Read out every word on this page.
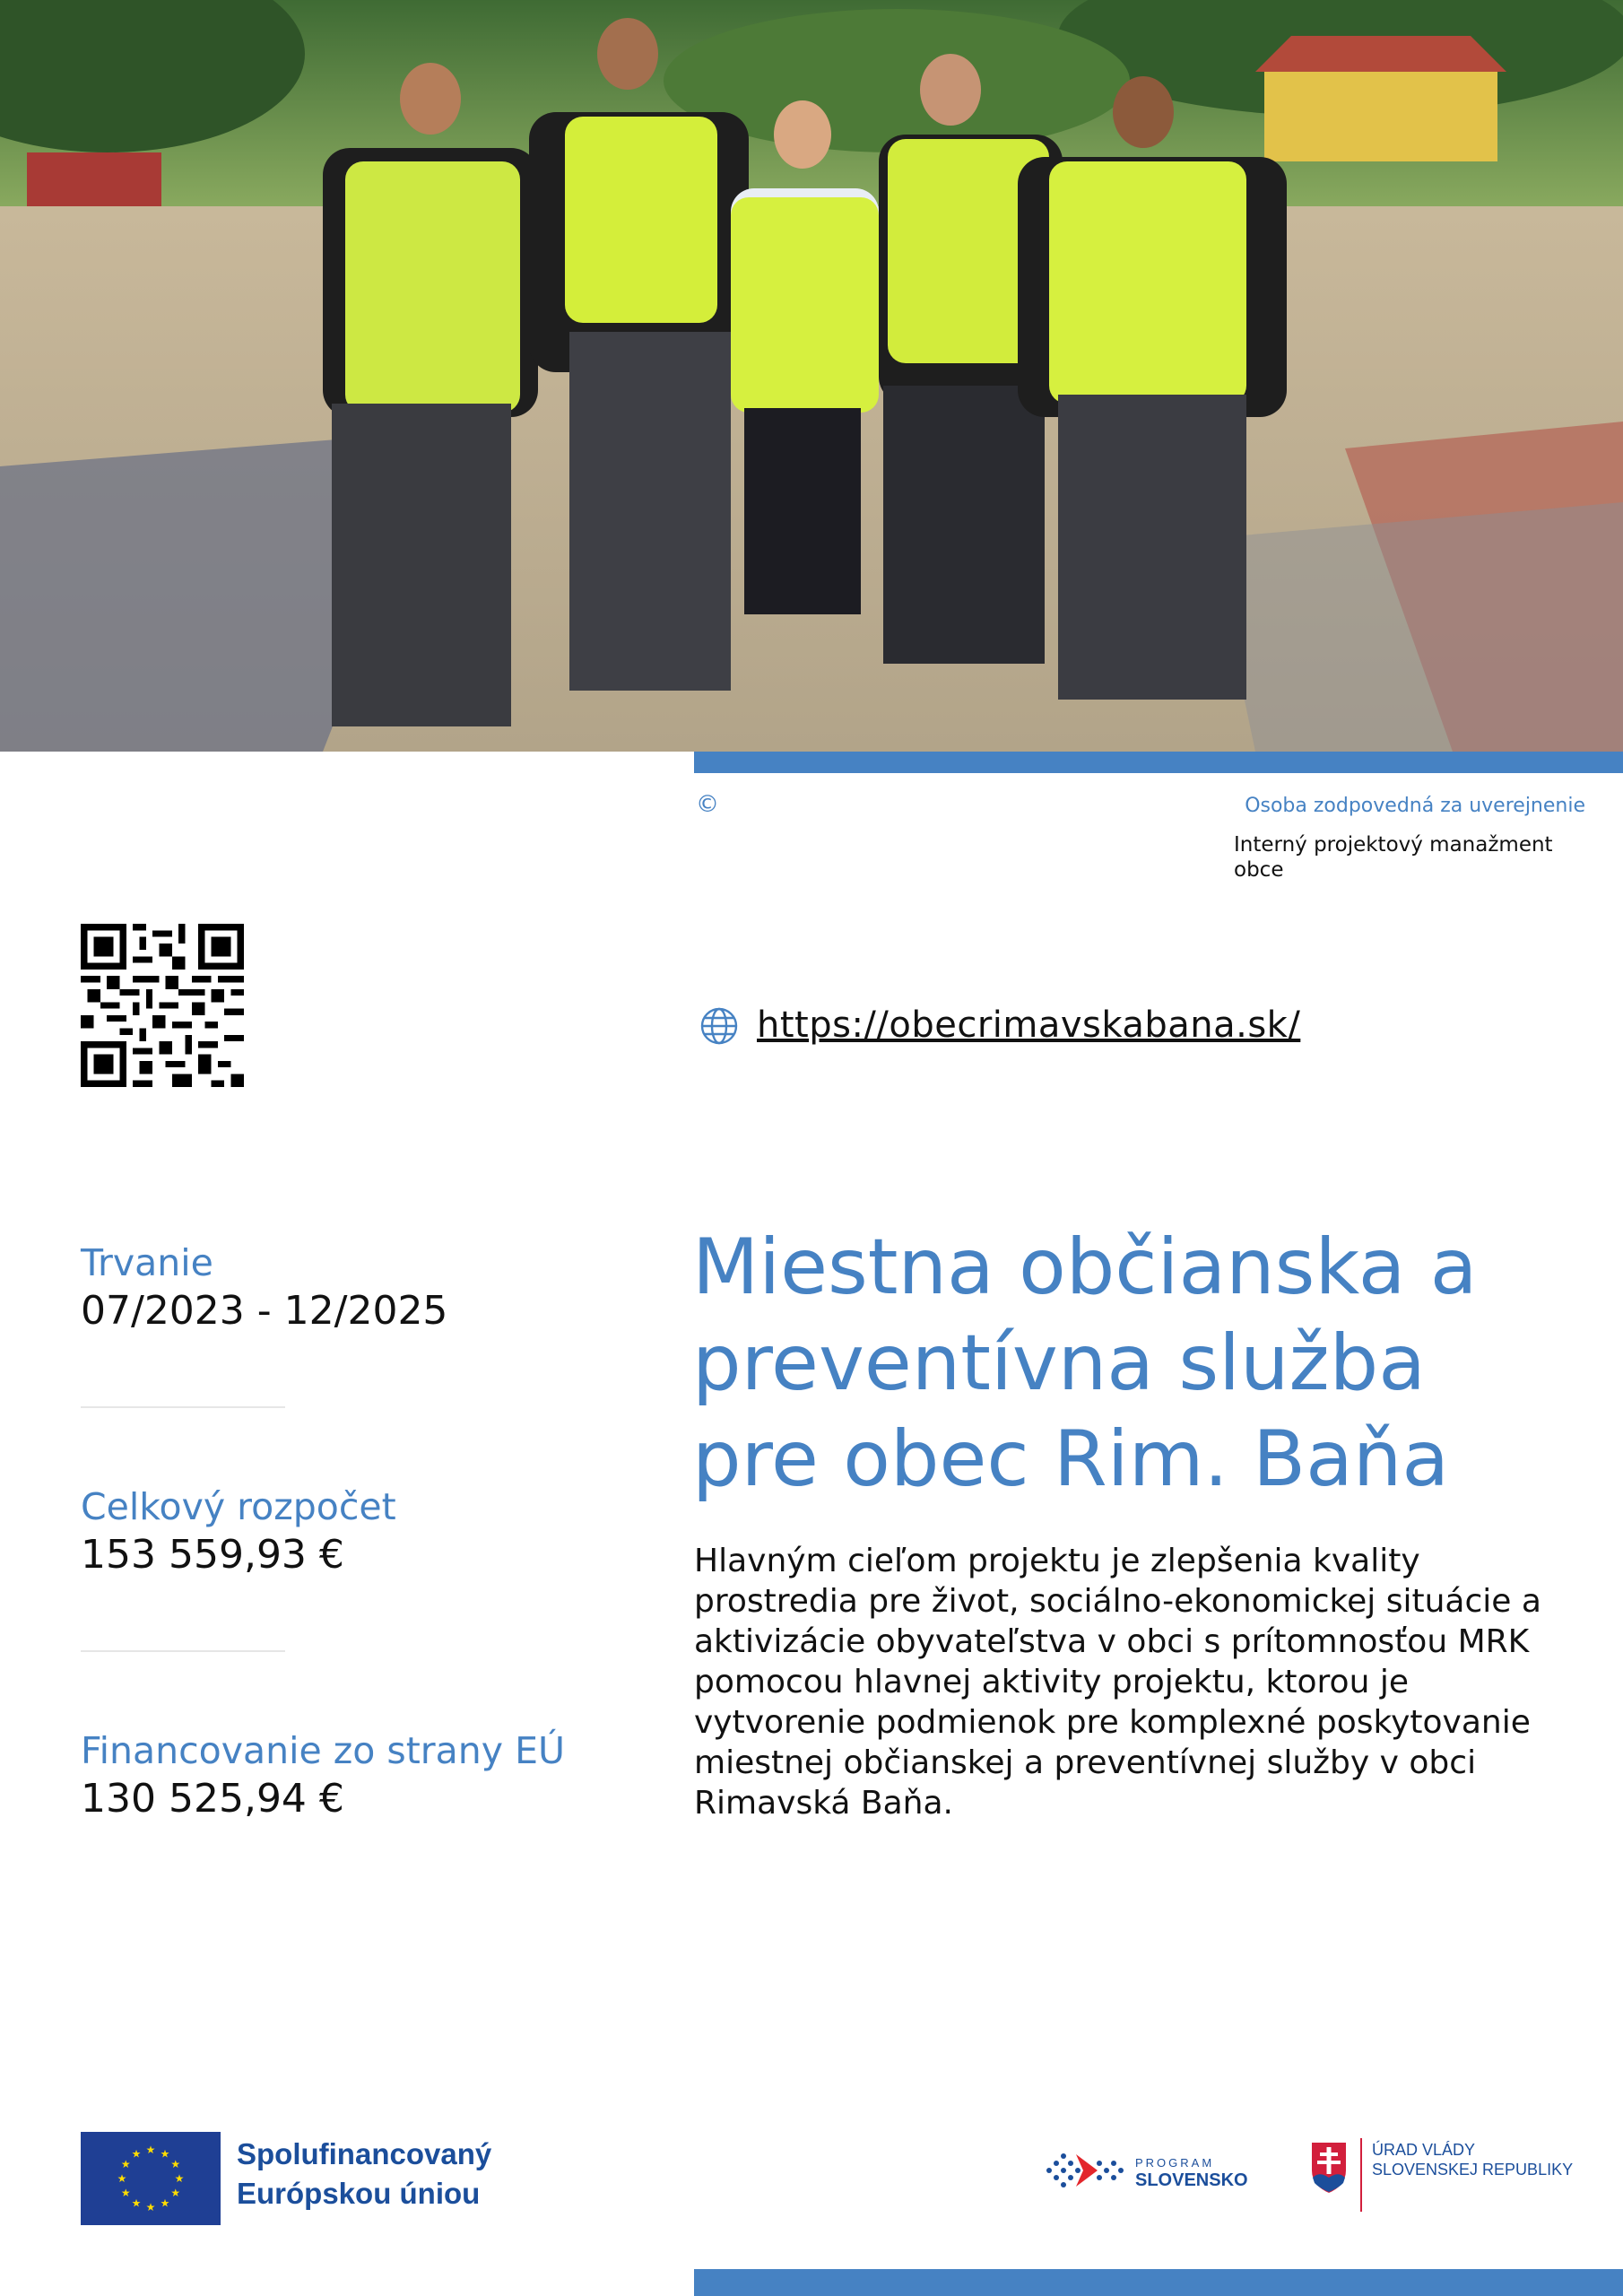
©	Osoba zodpovedná za uverejnenie
Interný projektový manažment obce
https://obecrimavskabana.sk/
Trvanie
07/2023 - 12/2025
Celkový rozpočet
153 559,93 €
Financovanie zo strany EÚ
130 525,94 €
Miestna občianska a preventívna služba pre obec Rim. Baňa
Hlavným cieľom projektu je zlepšenia kvality prostredia pre život, sociálno-ekonomickej situácie a aktivizácie obyvateľstva v obci s prítomnosťou MRK pomocou hlavnej aktivity projektu, ktorou je vytvorenie podmienok pre komplexné poskytovanie miestnej občianskej a preventívnej služby v obci Rimavská Baňa.
★ ★
★
★
★
★
★
★
★
★
★
★	Spolufinancovaný
Európskou úniou
PROGRAM
SLOVENSKO
ÚRAD VLÁDY
SLOVENSKEJ REPUBLIKY
